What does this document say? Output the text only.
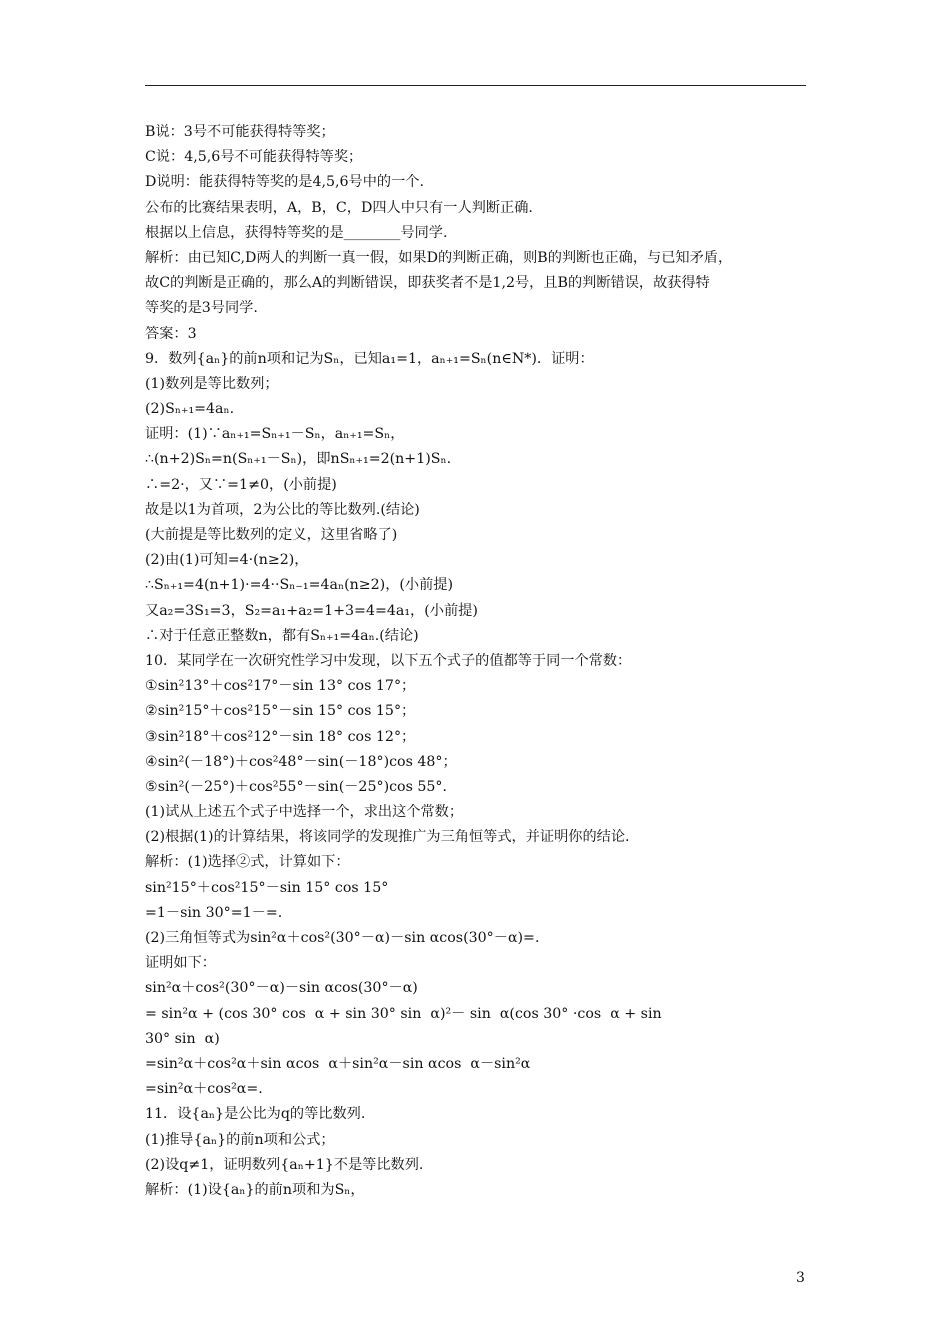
B说：3号不可能获得特等奖；
C说：4,5,6号不可能获得特等奖；
D说明：能获得特等奖的是4,5,6号中的一个.
公布的比赛结果表明，A，B，C，D四人中只有一人判断正确.
根据以上信息，获得特等奖的是________号同学.
解析：由已知C,D两人的判断一真一假，如果D的判断正确，则B的判断也正确，与已知矛盾，
故C的判断是正确的，那么A的判断错误，即获奖者不是1,2号，且B的判断错误，故获得特
等奖的是3号同学.
答案：3
9．数列{aₙ}的前n项和记为Sₙ，已知a₁=1，aₙ₊₁=Sₙ(n∈N*)．证明：
(1)数列是等比数列；
(2)Sₙ₊₁=4aₙ.
证明：(1)∵aₙ₊₁=Sₙ₊₁－Sₙ，aₙ₊₁=Sₙ，
∴(n+2)Sₙ=n(Sₙ₊₁－Sₙ)，即nSₙ₊₁=2(n+1)Sₙ.
∴=2·，又∵=1≠0，(小前提)
故是以1为首项，2为公比的等比数列.(结论)
(大前提是等比数列的定义，这里省略了)
(2)由(1)可知=4·(n≥2)，
∴Sₙ₊₁=4(n+1)·=4··Sₙ₋₁=4aₙ(n≥2)，(小前提)
又a₂=3S₁=3，S₂=a₁+a₂=1+3=4=4a₁，(小前提)
∴对于任意正整数n，都有Sₙ₊₁=4aₙ.(结论)
10．某同学在一次研究性学习中发现，以下五个式子的值都等于同一个常数：
①sin²13°＋cos²17°－sin 13° cos 17°；
②sin²15°＋cos²15°－sin 15° cos 15°；
③sin²18°＋cos²12°－sin 18° cos 12°；
④sin²(－18°)＋cos²48°－sin(－18°)cos 48°；
⑤sin²(－25°)＋cos²55°－sin(－25°)cos 55°．
(1)试从上述五个式子中选择一个，求出这个常数；
(2)根据(1)的计算结果，将该同学的发现推广为三角恒等式，并证明你的结论.
解析：(1)选择②式，计算如下：
sin²15°＋cos²15°－sin 15° cos 15°
=1－sin 30°=1－=.
(2)三角恒等式为sin²α＋cos²(30°－α)－sin αcos(30°－α)=.
证明如下：
sin²α＋cos²(30°－α)－sin αcos(30°－α)
= sin²α + (cos 30° cos  α + sin 30° sin  α)²－ sin  α(cos 30° ·cos  α + sin
30° sin  α)
=sin²α＋cos²α＋sin αcos  α＋sin²α－sin αcos  α－sin²α
=sin²α＋cos²α=.
11．设{aₙ}是公比为q的等比数列.
(1)推导{aₙ}的前n项和公式；
(2)设q≠1，证明数列{aₙ+1}不是等比数列.
解析：(1)设{aₙ}的前n项和为Sₙ，
3
